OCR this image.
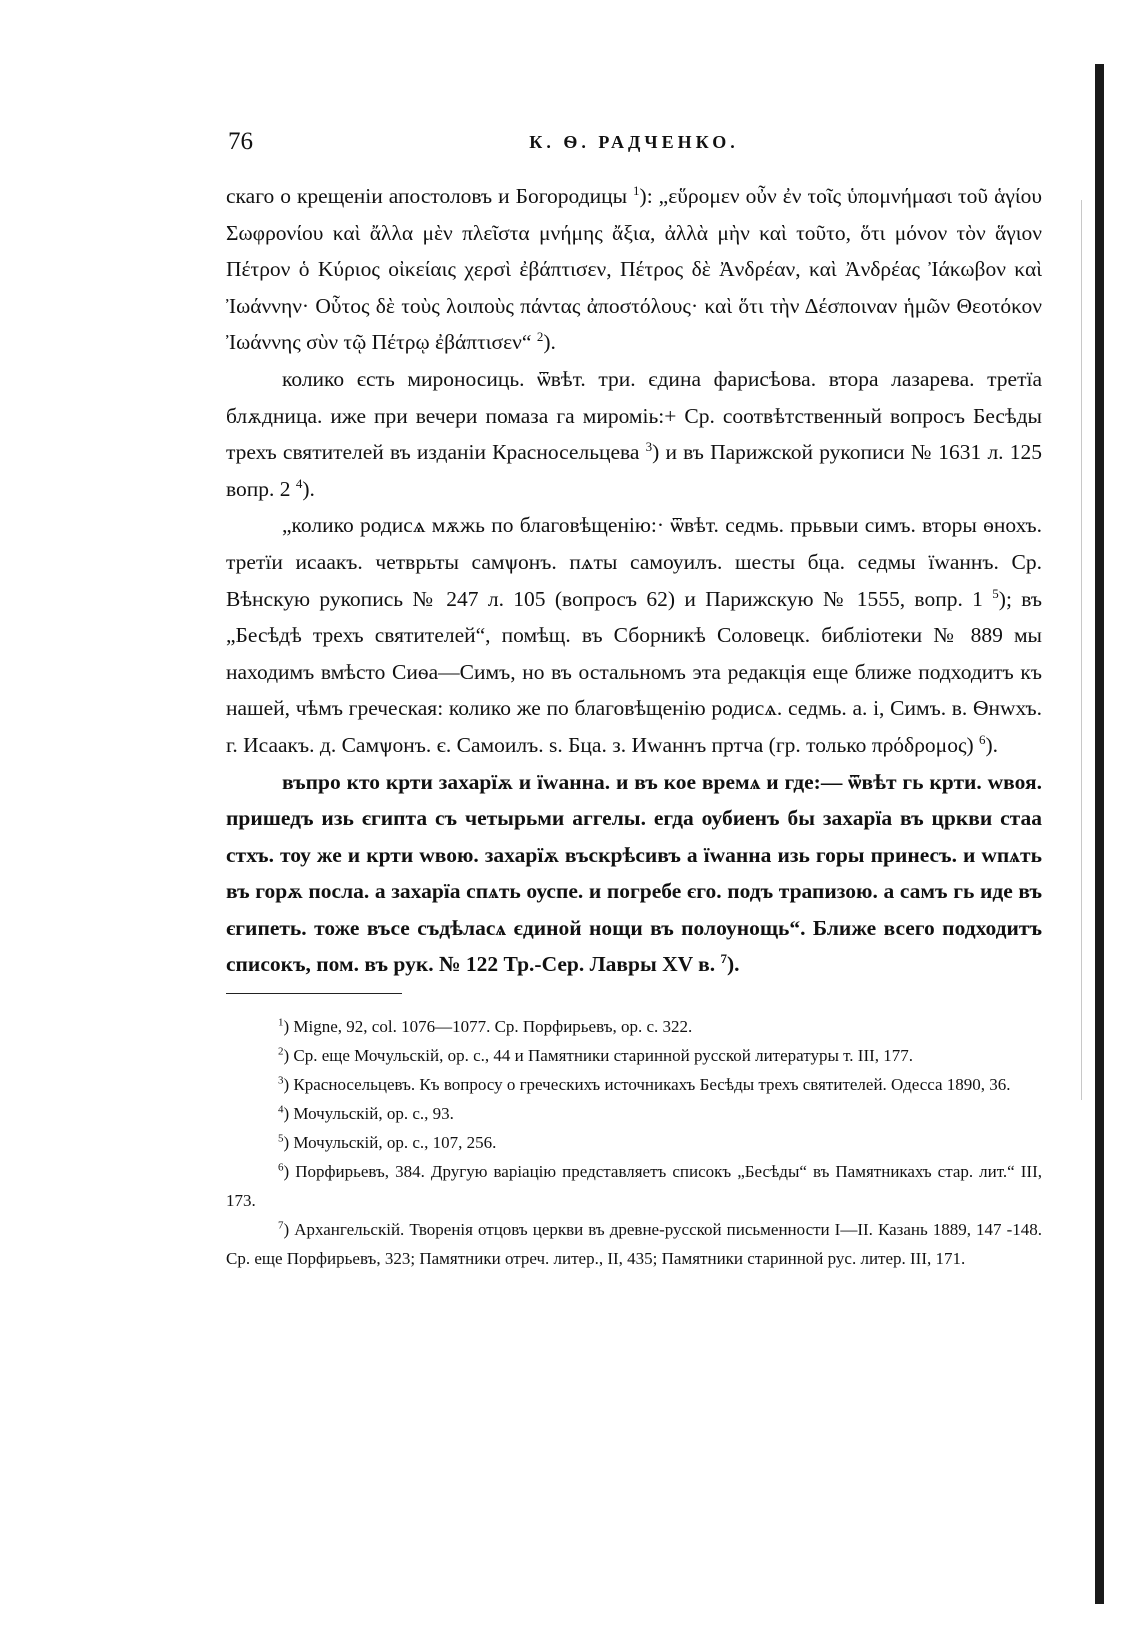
76	К. Ѳ. РАДЧЕНКО.

скаго о крещеніи апостоловъ и Богородицы $^1$): „εὕρομεν οὖν ἐν τοῖς ὑπομνήμασι τοῦ ἁγίου Σωφρονίου καὶ ἄλλα μὲν πλεῖστα μνήμης ἄξια, ἀλλὰ μὴν καὶ τοῦτο, ὅτι μόνον τὸν ἅγιον Πέτρον ὁ Κύριος οἰκείαις χερσὶ ἐβάπτισεν, Πέτρος δὲ Ἀνδρέαν, καὶ Ἀνδρέας Ἰάκωβον καὶ Ἰωάννην· Οὗτος δὲ τοὺς λοιποὺς πάντας ἀποστόλους· καὶ ὅτι τὴν Δέσποιναν ἡμῶν Θεοτόκον Ἰωάννης σὺν τῷ Πέτρῳ ἐβάπτισεν“ $^2$).

колико єсть мироносиць. ѿвѣт. три. єдина фарисѣова. втора лазарева. третїа блѫдница. иже при вечери помаза га мироміь:+ Ср. соотвѣтственный вопросъ Бесѣды трехъ святителей въ изданіи Красносельцева $^3$) и въ Парижской рукописи № 1631 л. 125 вопр. 2 $^4$).

„колико родисѧ мѫжь по благовѣщенію:· ѿвѣт. седмь. прьвыи симъ. вторы ѳнохъ. третїи исаакъ. четврьты самѱонъ. пѧты самоуилъ. шесты бца. седмы їwаннъ. Ср. Вѣнскую рукопись № 247 л. 105 (вопросъ 62) и Парижскую № 1555, вопр. 1 $^5$); въ „Бесѣдѣ трехъ святителей“, помѣщ. въ Сборникѣ Соловецк. библіотеки № 889 мы находимъ вмѣсто Сиѳа—Симъ, но въ остальномъ эта редакція еще ближе подходитъ къ нашей, чѣмъ греческая: колико же по благовѣщенію родисѧ. седмь. а. і, Симъ. в. Ѳнwхъ. г. Исаакъ. д. Самѱонъ. є. Самоилъ. ѕ. Бца. з. Иwаннъ пртча (гр. только πρόδρομος) $^6$).

въпро кто крти захарїѫ и їwанна. и въ кое времѧ и где:— ѿвѣт гь крти. wвоя. пришедъ изь єгипта съ четырьми аггелы. егда оубиенъ бы захарїа въ цркви стаа стхъ. тоу же и крти wвою. захарїѫ въскрѣсивъ а їwанна изь горы принесъ. и wпѧть въ горѫ посла. а захарїа спѧть оуспе. и погребе єго. подъ трапизою. а самъ гь иде въ єгипеть. тоже въсе съдѣласѧ єдиной нощи въ полоунощь“. Ближе всего подходитъ списокъ, пом. въ рук. № 122 Тр.-Сер. Лавры XV в. $^7$).

$^1$) Migne, 92, col. 1076—1077. Ср. Порфирьевъ, op. c. 322.

$^2$) Ср. еще Мочульскій, op. c., 44 и Памятники старинной русской литературы т. III, 177.

$^3$) Красносельцевъ. Къ вопросу о греческихъ источникахъ Бесѣды трехъ святителей. Одесса 1890, 36.

$^4$) Мочульскій, op. c., 93.

$^5$) Мочульскій, op. c., 107, 256.

$^6$) Порфирьевъ, 384. Другую варіацію представляетъ списокъ „Бесѣды“ въ Памятникахъ стар. лит.“ III, 173.

$^7$) Архангельскій. Творенія отцовъ церкви въ древне-русской письменности I—II. Казань 1889, 147 -148. Ср. еще Порфирьевъ, 323; Памятники отреч. литер., II, 435; Памятники старинной рус. литер. III, 171.
